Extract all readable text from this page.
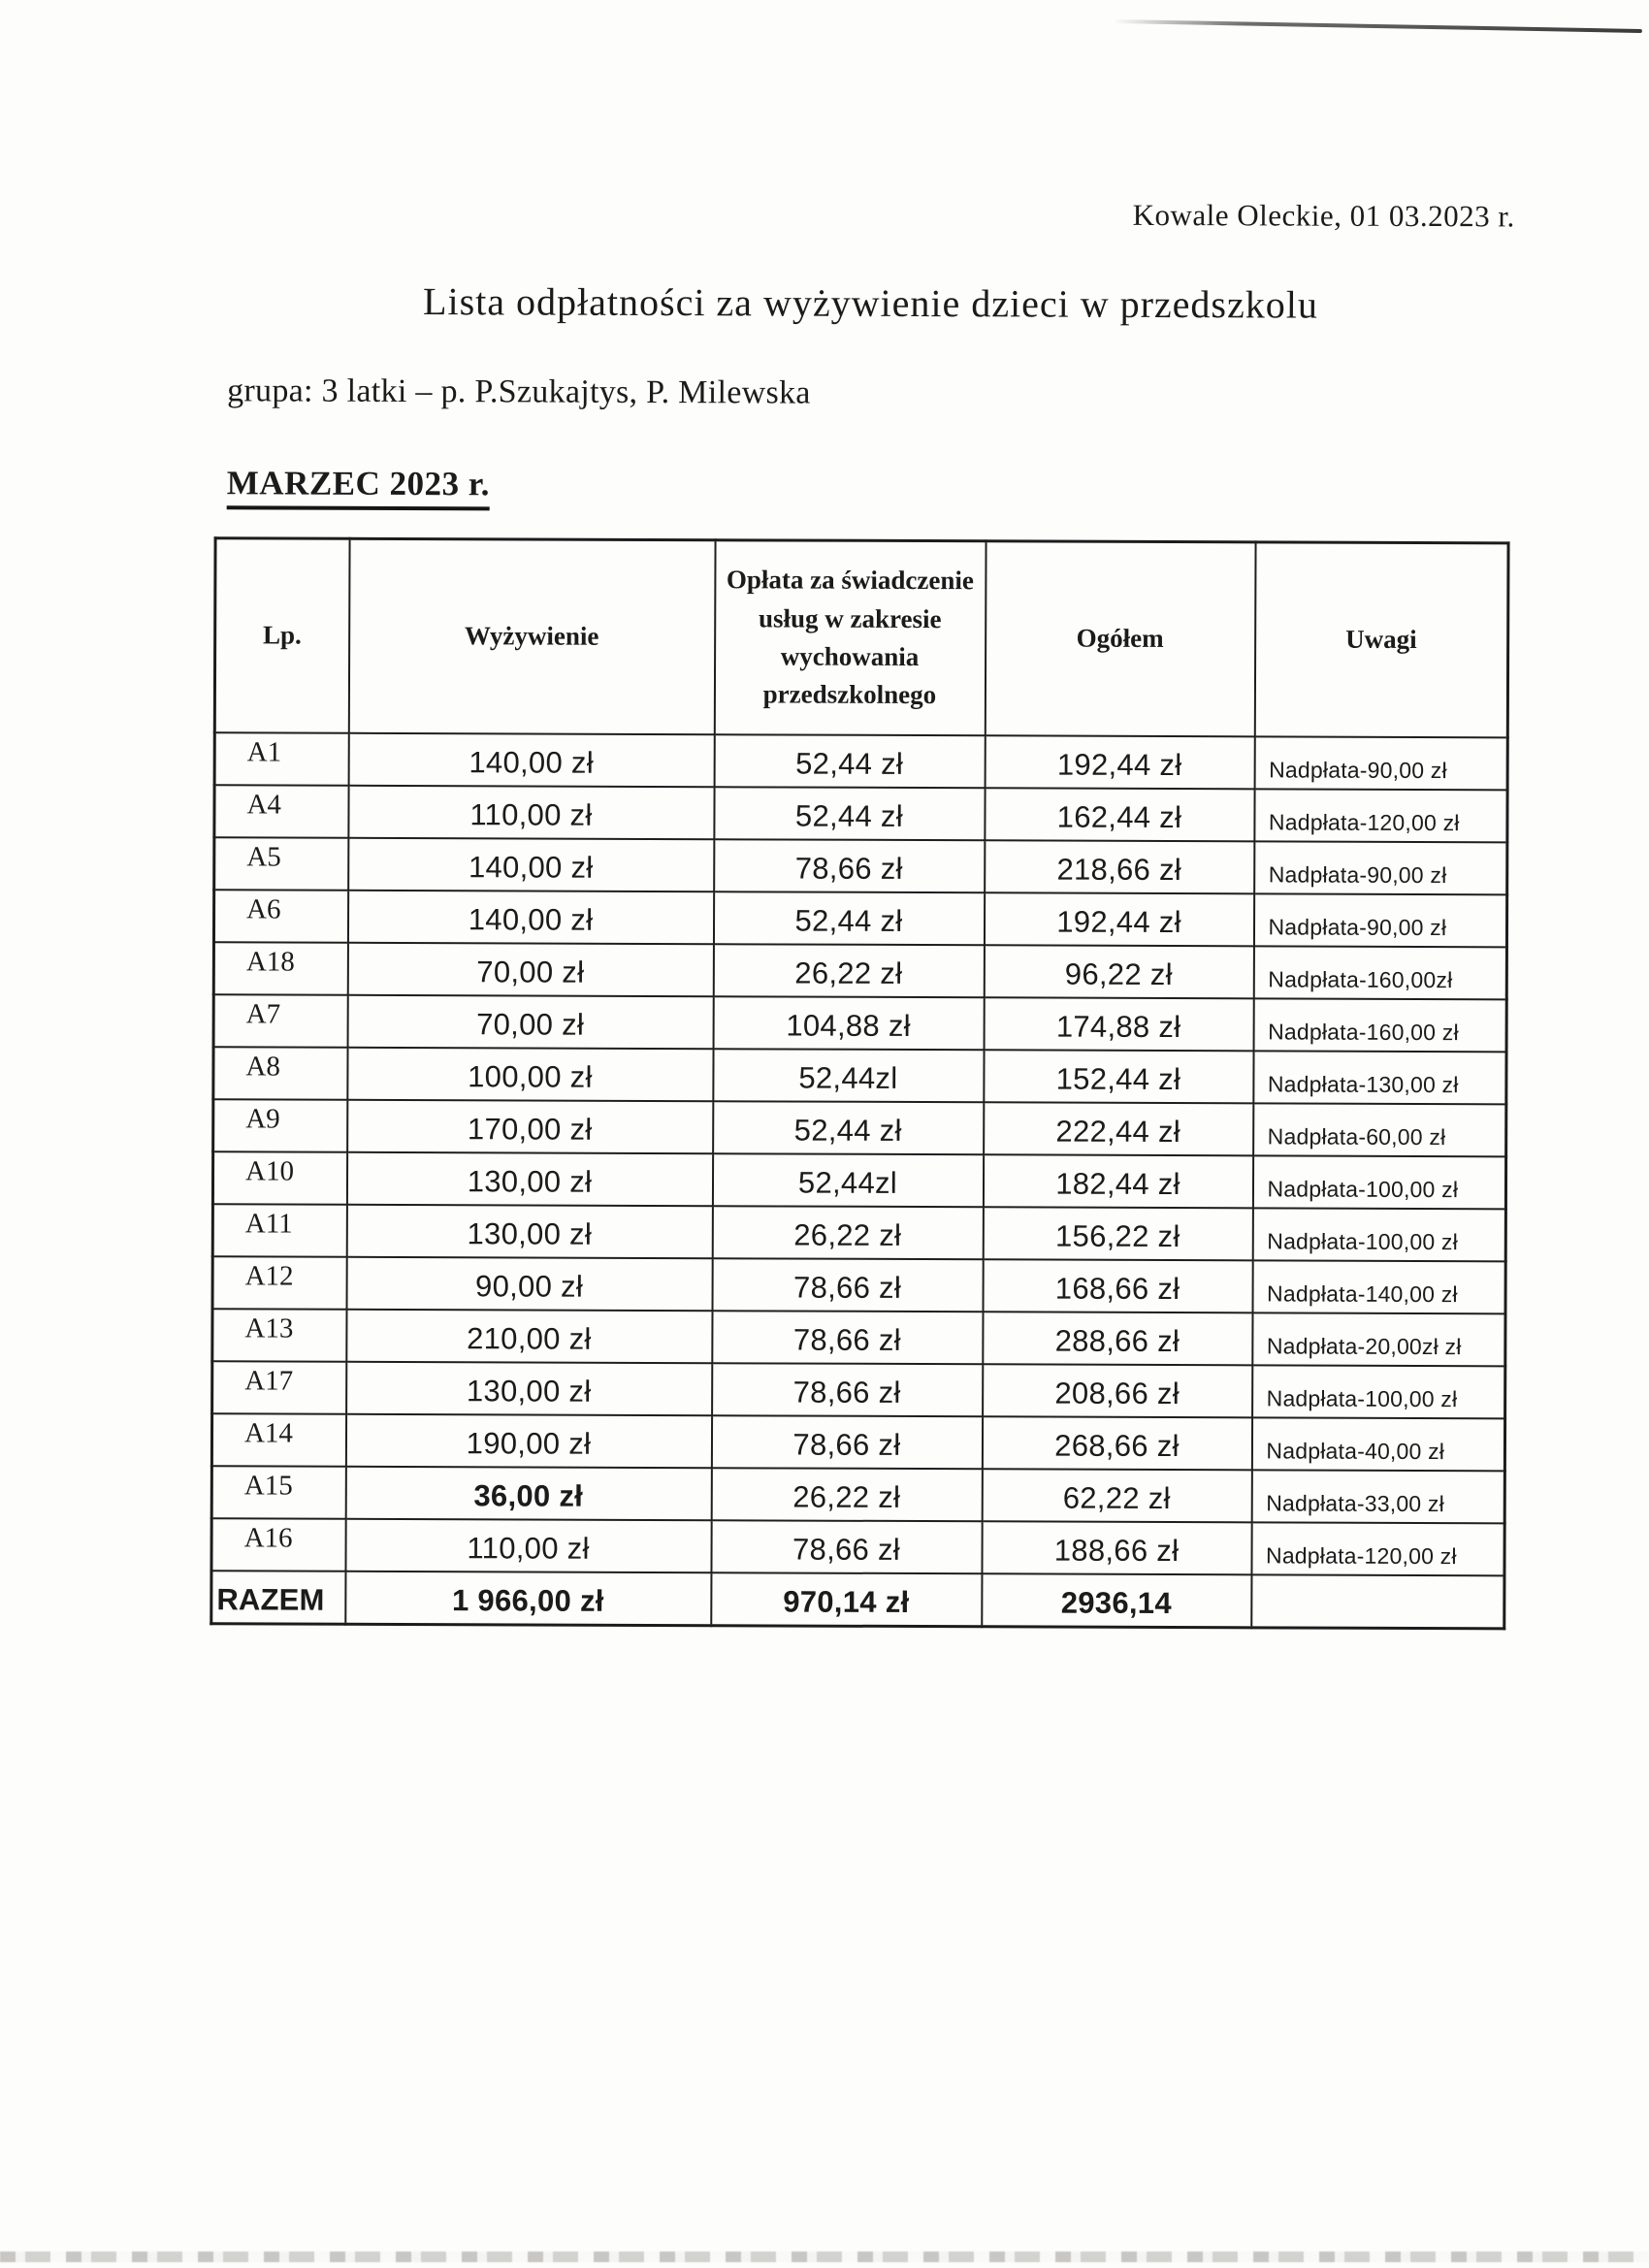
Kowale Oleckie, 01 03.2023 r.
Lista odpłatności za wyżywienie dzieci w przedszkolu
grupa: 3 latki – p. P.Szukajtys, P. Milewska
MARZEC 2023 r.
Lp.	Wyżywienie	Opłata za świadczenie usług w zakresie wychowania przedszkolnego	Ogółem	Uwagi
A1	140,00 zł	52,44 zł	192,44 zł	Nadpłata-90,00 zł
A4	110,00 zł	52,44 zł	162,44 zł	Nadpłata-120,00 zł
A5	140,00 zł	78,66 zł	218,66 zł	Nadpłata-90,00 zł
A6	140,00 zł	52,44 zł	192,44 zł	Nadpłata-90,00 zł
A18	70,00 zł	26,22 zł	96,22 zł	Nadpłata-160,00zł
A7	70,00 zł	104,88 zł	174,88 zł	Nadpłata-160,00 zł
A8	100,00 zł	52,44zl	152,44 zł	Nadpłata-130,00 zł
A9	170,00 zł	52,44 zł	222,44 zł	Nadpłata-60,00 zł
A10	130,00 zł	52,44zl	182,44 zł	Nadpłata-100,00 zł
A11	130,00 zł	26,22 zł	156,22 zł	Nadpłata-100,00 zł
A12	90,00 zł	78,66 zł	168,66 zł	Nadpłata-140,00 zł
A13	210,00 zł	78,66 zł	288,66 zł	Nadpłata-20,00zł zł
A17	130,00 zł	78,66 zł	208,66 zł	Nadpłata-100,00 zł
A14	190,00 zł	78,66 zł	268,66 zł	Nadpłata-40,00 zł
A15	36,00 zł	26,22 zł	62,22 zł	Nadpłata-33,00 zł
A16	110,00 zł	78,66 zł	188,66 zł	Nadpłata-120,00 zł
RAZEM	1 966,00 zł	970,14 zł	2936,14	
